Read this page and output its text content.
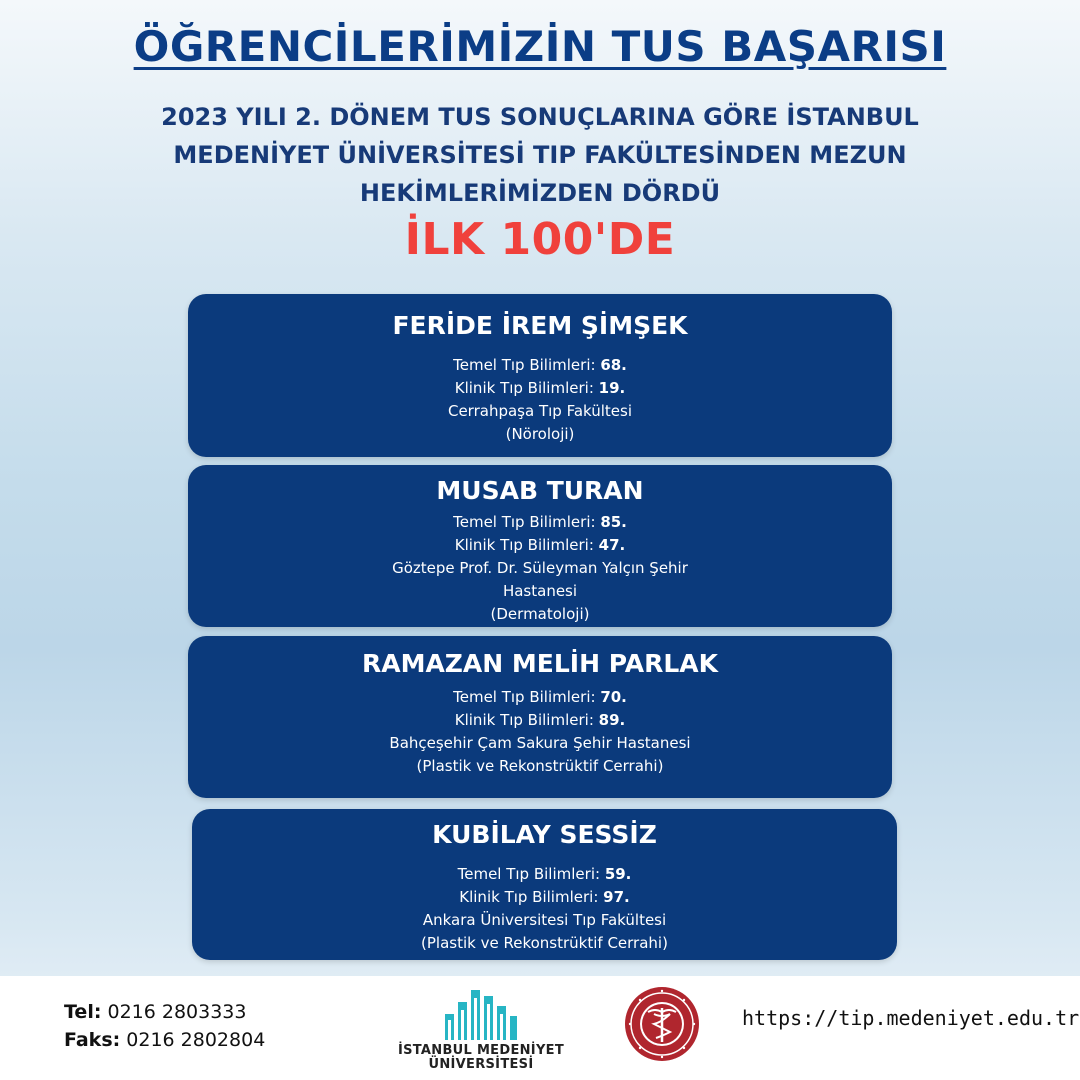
ÖĞRENCİLERİMİZİN TUS BAŞARISI
2023 YILI 2. DÖNEM TUS SONUÇLARINA GÖRE İSTANBUL
MEDENİYET ÜNİVERSİTESİ TIP FAKÜLTESİNDEN MEZUN
HEKİMLERİMİZDEN DÖRDÜ
İLK 100'DE
FERİDE İREM ŞİMŞEK
Temel Tıp Bilimleri: 68.
Klinik Tıp Bilimleri: 19.
Cerrahpaşa Tıp Fakültesi
(Nöroloji)
MUSAB TURAN
Temel Tıp Bilimleri: 85.
Klinik Tıp Bilimleri: 47.
Göztepe Prof. Dr. Süleyman Yalçın Şehir
Hastanesi
(Dermatoloji)
RAMAZAN MELİH PARLAK
Temel Tıp Bilimleri: 70.
Klinik Tıp Bilimleri: 89.
Bahçeşehir Çam Sakura Şehir Hastanesi
(Plastik ve Rekonstrüktif Cerrahi)
KUBİLAY SESSİZ
Temel Tıp Bilimleri: 59.
Klinik Tıp Bilimleri: 97.
Ankara Üniversitesi Tıp Fakültesi
(Plastik ve Rekonstrüktif Cerrahi)
Tel: 0216 2803333
Faks: 0216 2802804	İSTANBUL MEDENİYET
ÜNİVERSİTESİ
https://tip.medeniyet.edu.tr
